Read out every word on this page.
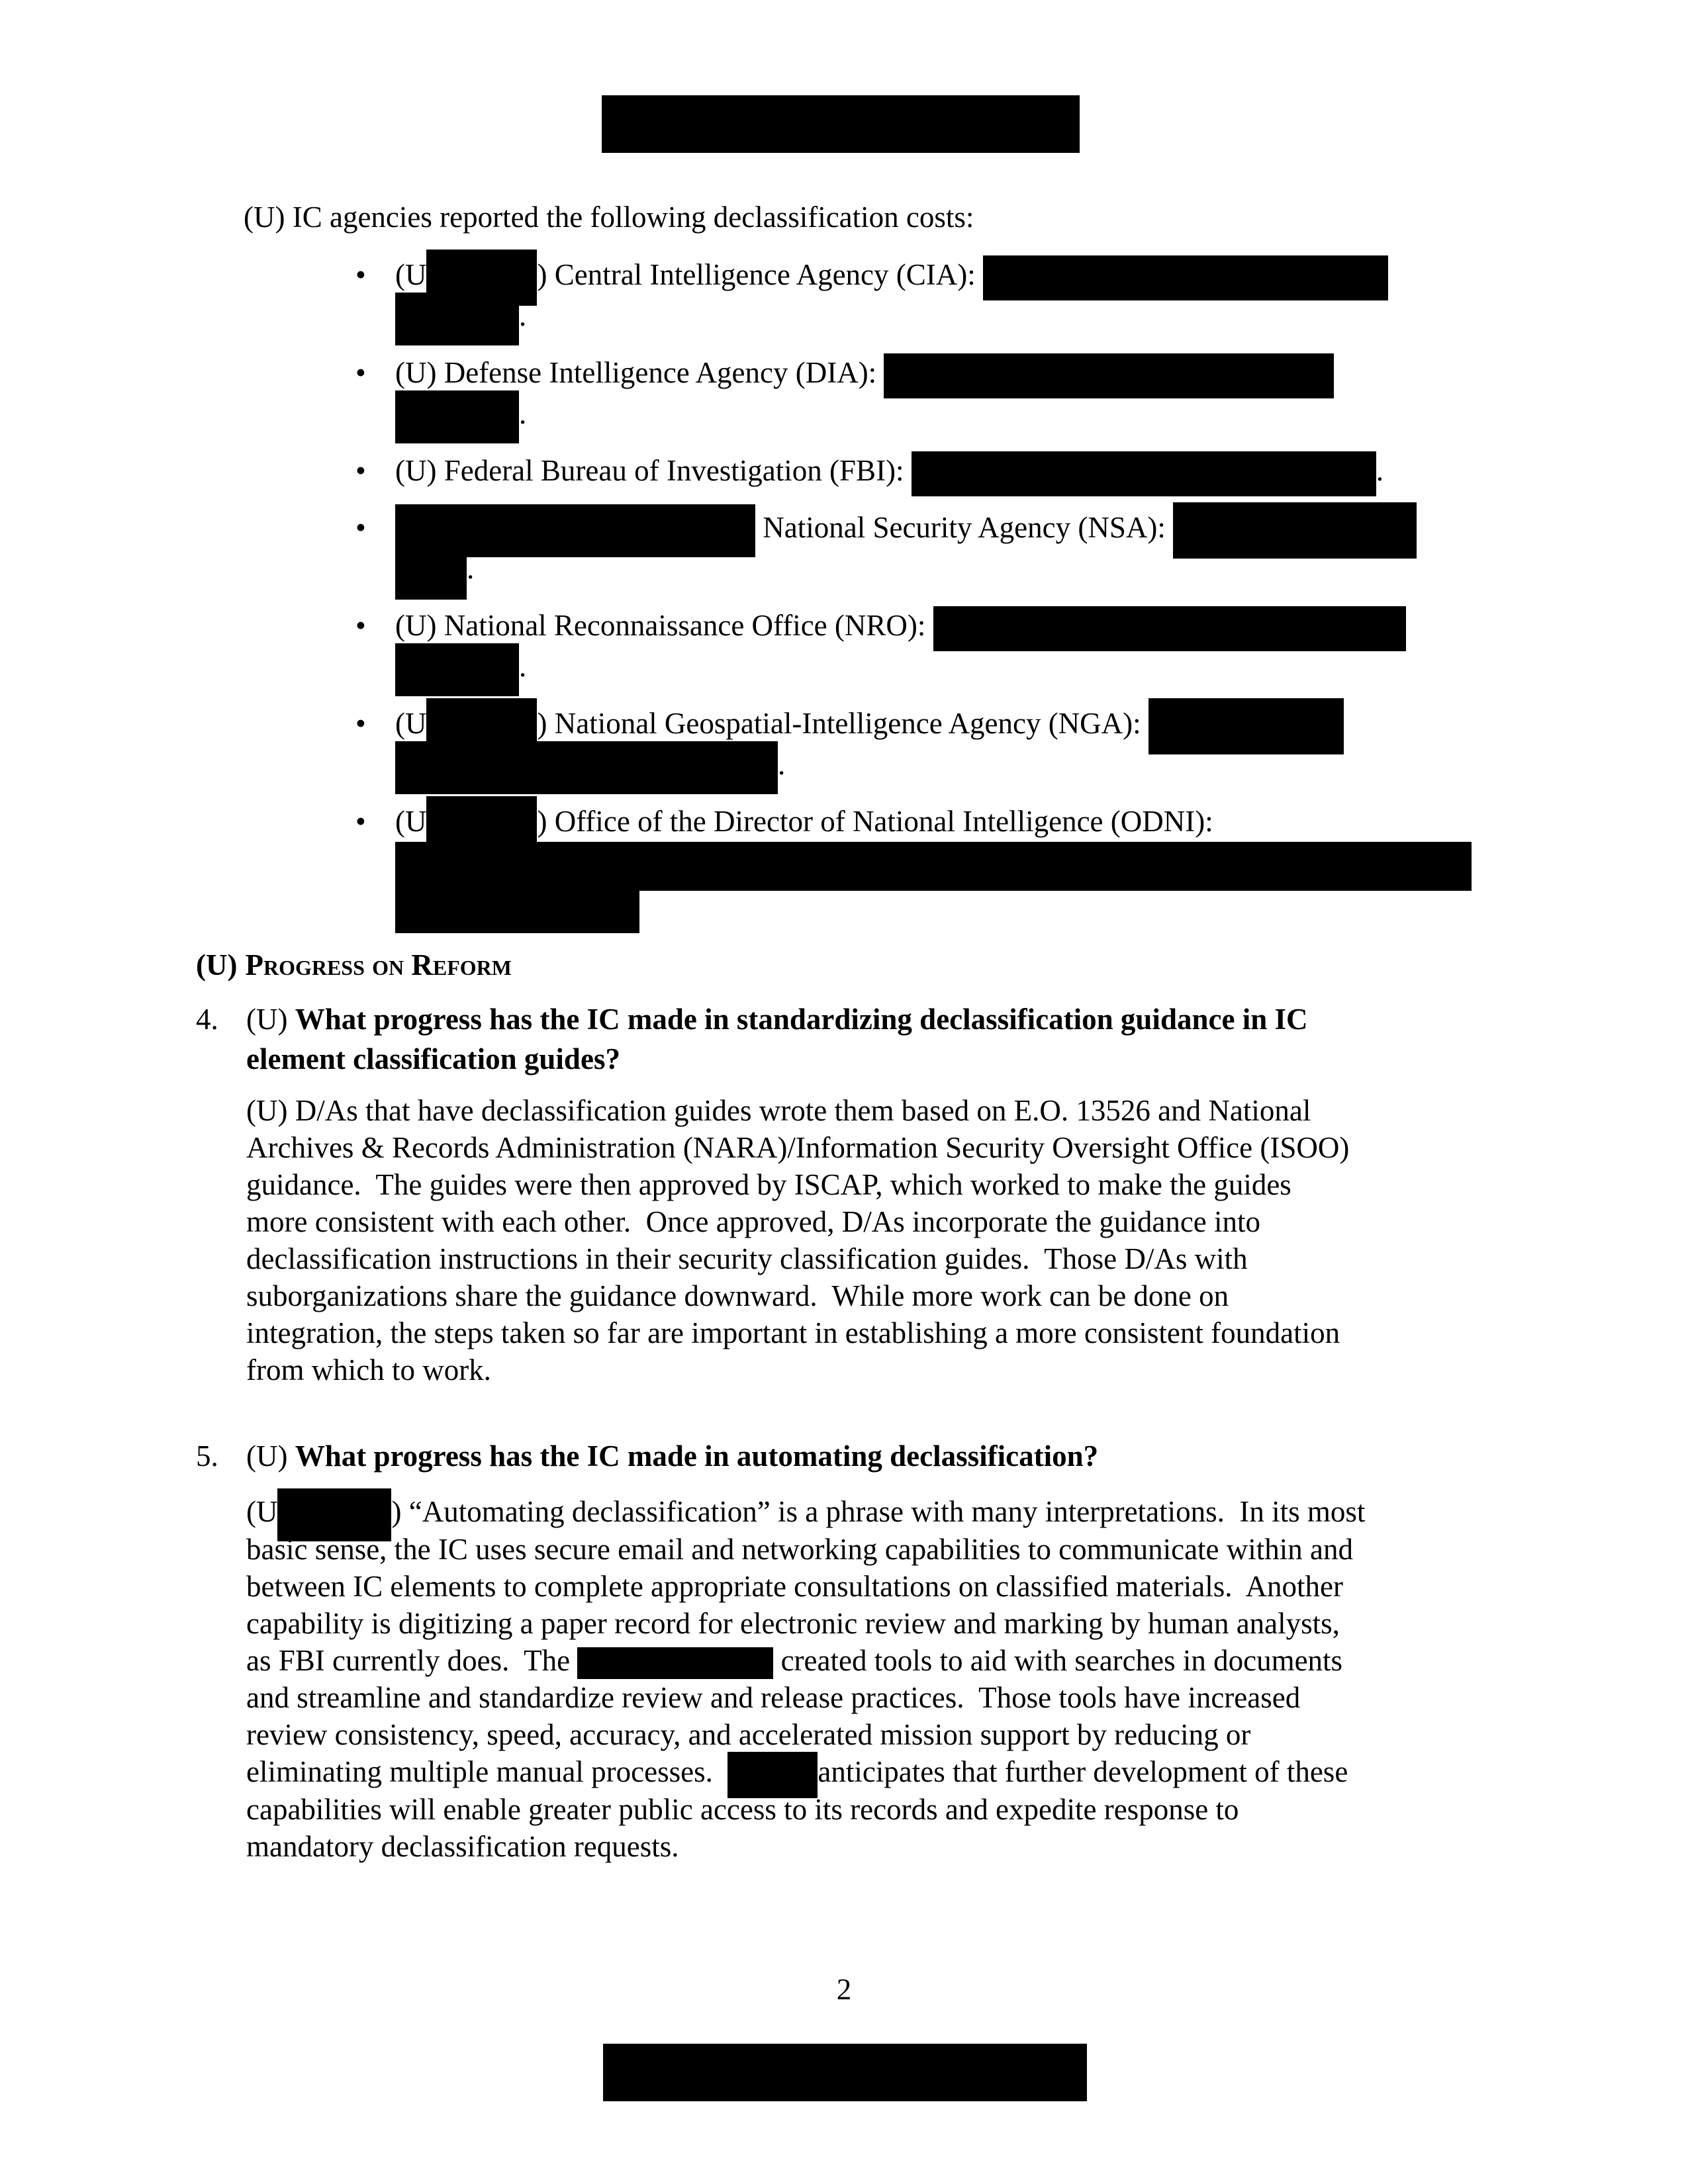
(U) IC agencies reported the following declassification costs:
• (U	) Central Intelligence Agency (CIA):
.
• (U) Defense Intelligence Agency (DIA):
.
• (U) Federal Bureau of Investigation (FBI):	.
•	National Security Agency (NSA):
.
• (U) National Reconnaissance Office (NRO):
.
• (U	) National Geospatial-Intelligence Agency (NGA):
.
• (U	) Office of the Director of National Intelligence (ODNI):
(U) Progress on Reform
4. (U) What progress has the IC made in standardizing declassification guidance in IC
element classification guides?
(U) D/As that have declassification guides wrote them based on E.O. 13526 and National
Archives & Records Administration (NARA)/Information Security Oversight Office (ISOO)
guidance.  The guides were then approved by ISCAP, which worked to make the guides
more consistent with each other.  Once approved, D/As incorporate the guidance into
declassification instructions in their security classification guides.  Those D/As with
suborganizations share the guidance downward.  While more work can be done on
integration, the steps taken so far are important in establishing a more consistent foundation
from which to work.
5. (U) What progress has the IC made in automating declassification?
(U	) “Automating declassification” is a phrase with many interpretations.  In its most
basic sense, the IC uses secure email and networking capabilities to communicate within and
between IC elements to complete appropriate consultations on classified materials.  Another
capability is digitizing a paper record for electronic review and marking by human analysts,
as FBI currently does.  The	created tools to aid with searches in documents
and streamline and standardize review and release practices.  Those tools have increased
review consistency, speed, accuracy, and accelerated mission support by reducing or
eliminating multiple manual processes.	anticipates that further development of these
capabilities will enable greater public access to its records and expedite response to
mandatory declassification requests.
2
